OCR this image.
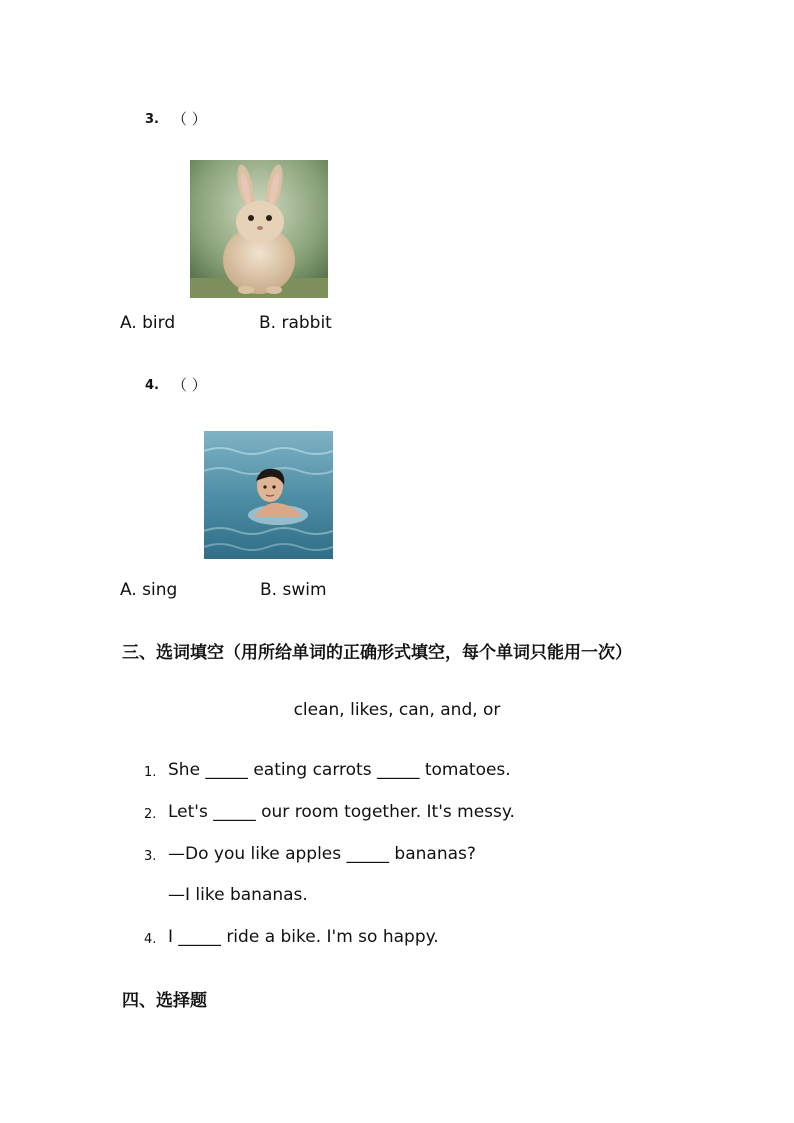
3. （ ）
A. bird	B. rabbit
4. （ ）
A. sing	B. swim
三、选词填空（用所给单词的正确形式填空，每个单词只能用一次）
clean, likes, can, and, or
1. She _____ eating carrots _____ tomatoes.
2. Let's _____ our room together. It's messy.
3. —Do you like apples _____ bananas?
—I like bananas.
4. I _____ ride a bike. I'm so happy.
四、选择题
